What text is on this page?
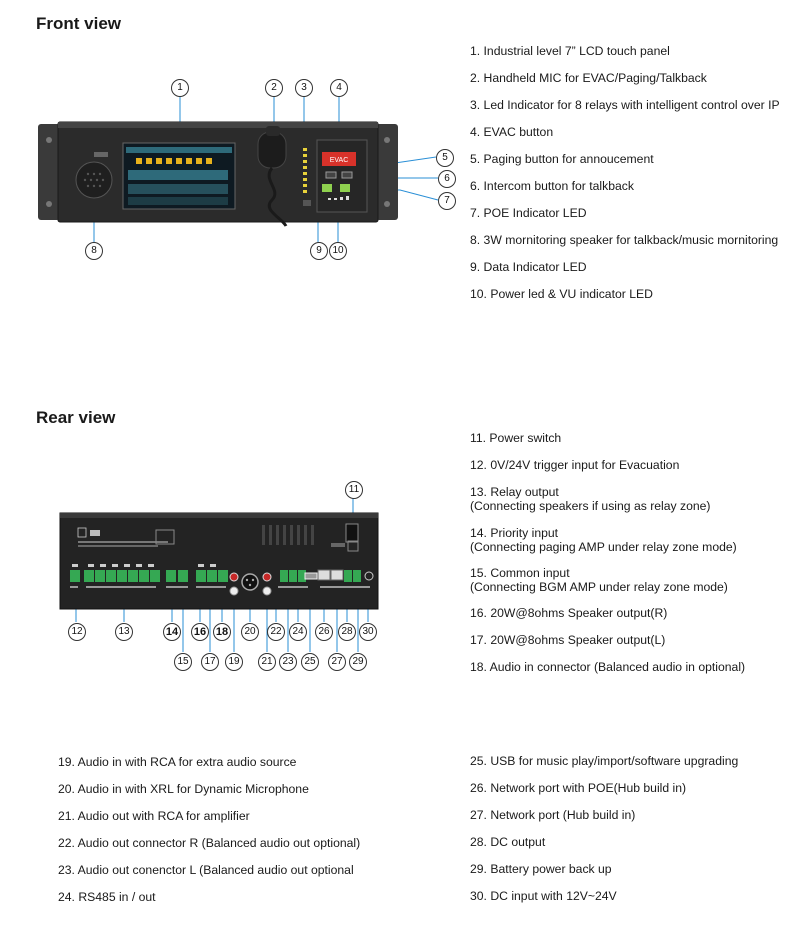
Front view
Rear view

1. Industrial level 7” LCD touch panel

2. Handheld MIC for EVAC/Paging/Talkback

3. Led Indicator for 8 relays with intelligent control over IP

4. EVAC button

5. Paging button for annoucement

6. Intercom button for talkback

7. POE Indicator LED

8. 3W mornitoring speaker for talkback/music mornitoring

9. Data Indicator LED

10. Power led & VU indicator LED

11. Power switch

12. 0V/24V trigger input for Evacuation

13. Relay output
(Connecting speakers if using as relay zone)

14. Priority input
(Connecting paging AMP under relay zone mode)

15. Common input
(Connecting BGM AMP under relay zone mode)

16. 20W@8ohms Speaker output(R)

17. 20W@8ohms Speaker output(L)

18. Audio in connector (Balanced audio in optional)

19. Audio in with RCA for extra audio source

20. Audio in with XRL for Dynamic Microphone

21. Audio out with RCA for amplifier

22. Audio out connector R (Balanced audio out optional)

23. Audio out conenctor L (Balanced audio out optional

24. RS485 in / out

25. USB for music play/import/software upgrading

26. Network port with POE(Hub build in)

27. Network port (Hub build in)

28. DC output

29. Battery power back up

30. DC input with 12V~24V

EVAC
1	2	3	4
5
6
7
8	9	10
11
12	13	14
15
16
17
18
19
20
21
22
23
24
25
26
27
28
29
30
